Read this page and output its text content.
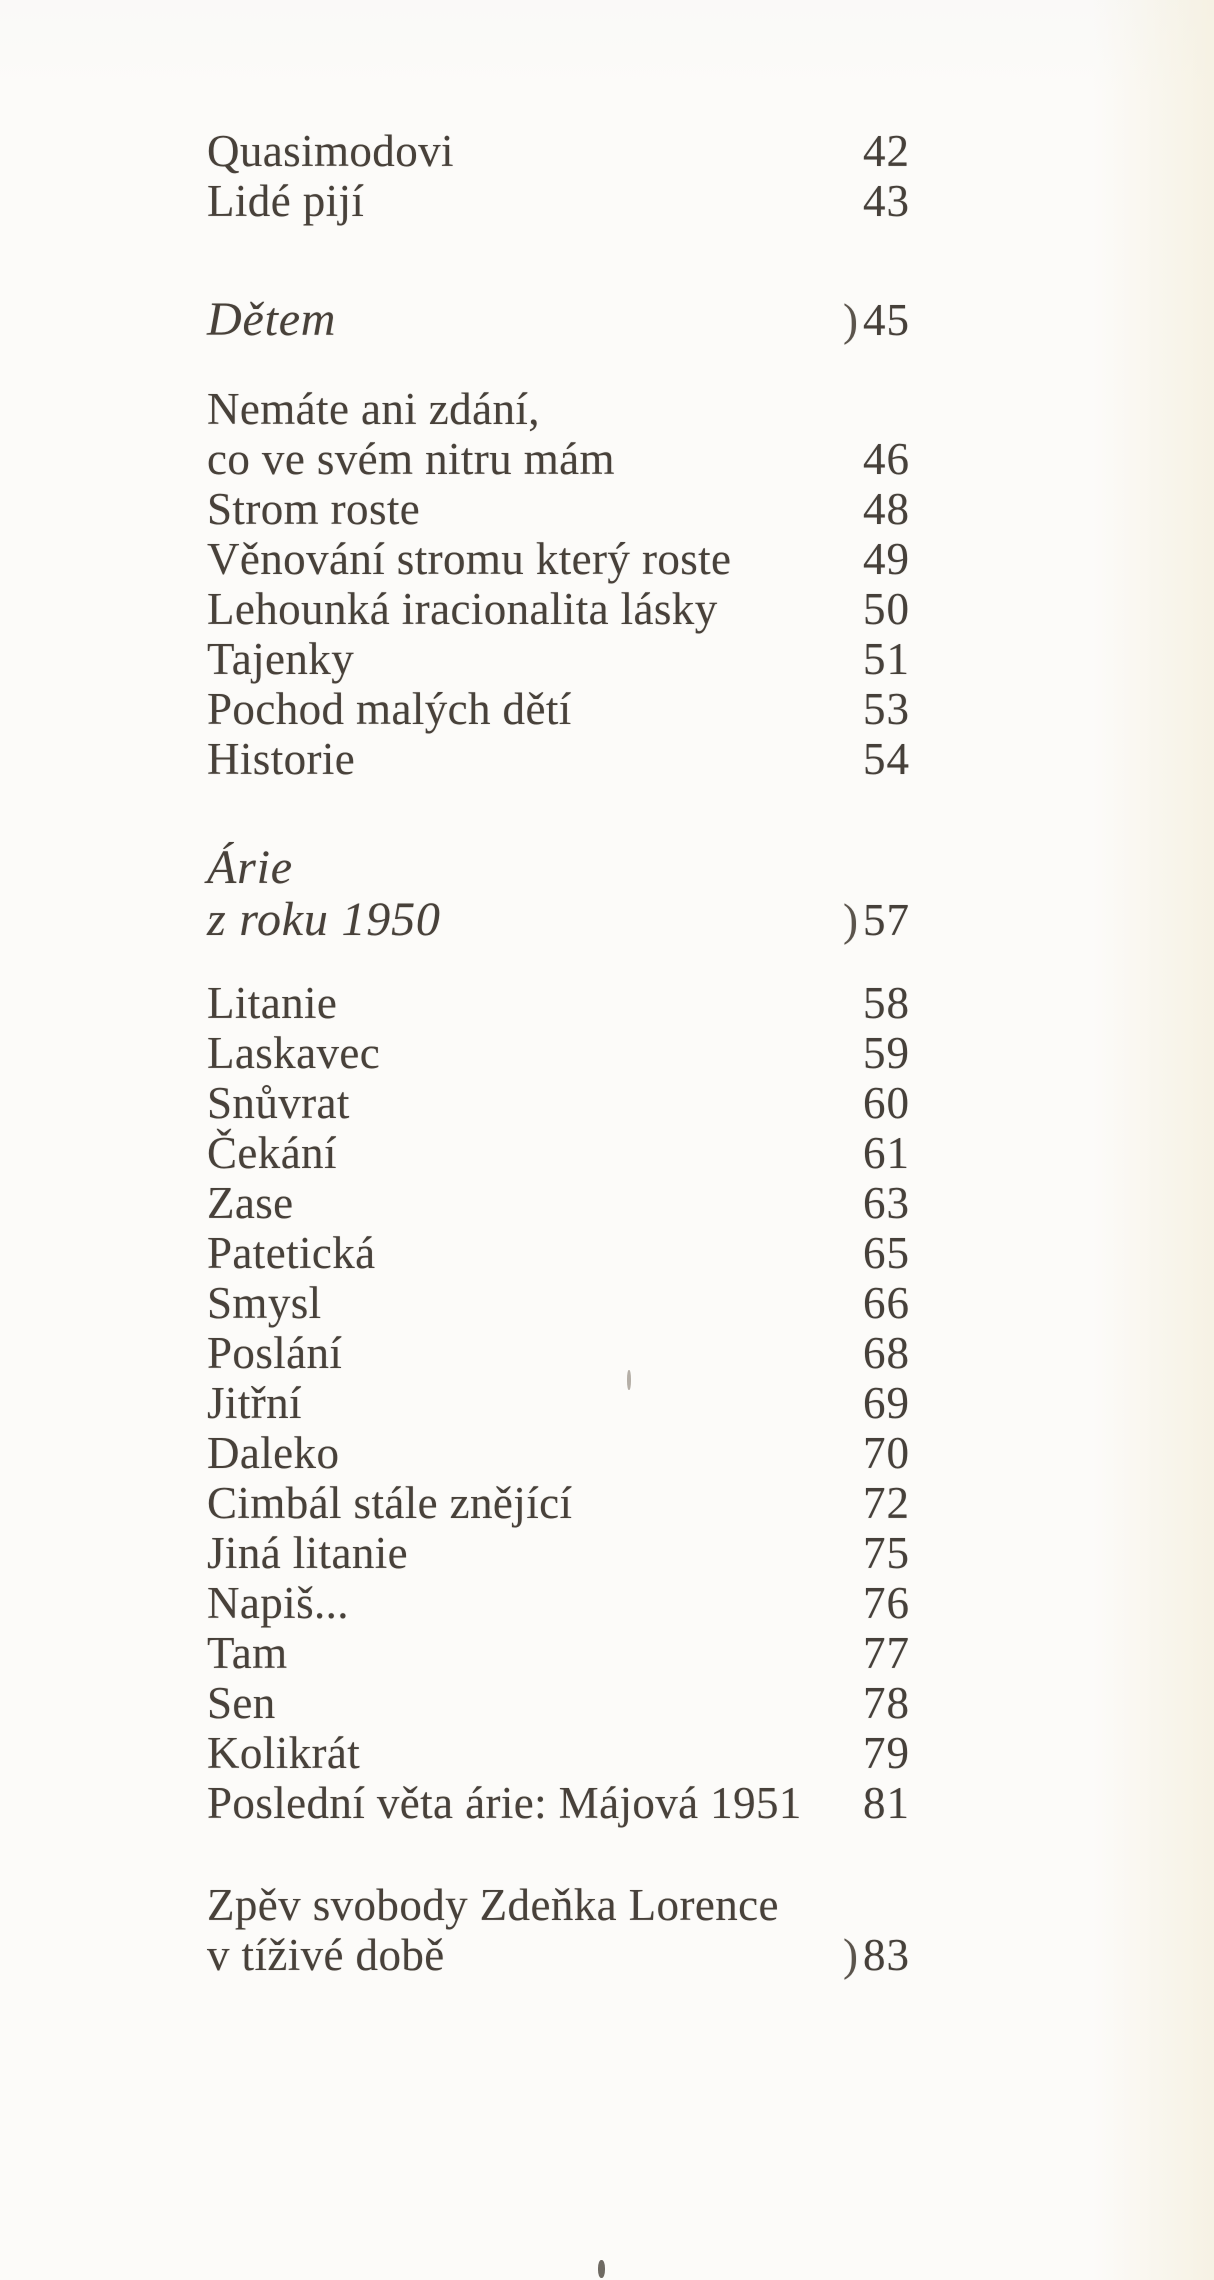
Quasimodovi	42
Lidé pijí	43
Dětem	) 45
Nemáte ani zdání,
co ve svém nitru mám	46
Strom roste	48
Věnování stromu který roste	49
Lehounká iracionalita lásky	50
Tajenky	51
Pochod malých dětí	53
Historie	54
Árie
z roku 1950	) 57
Litanie	58
Laskavec	59
Snůvrat	60
Čekání	61
Zase	63
Patetická	65
Smysl	66
Poslání	68
Jitřní	69
Daleko	70
Cimbál stále znějící	72
Jiná litanie	75
Napiš...	76
Tam	77
Sen	78
Kolikrát	79
Poslední věta árie: Májová 1951	81
Zpěv svobody Zdeňka Lorence
v tíživé době	) 83
